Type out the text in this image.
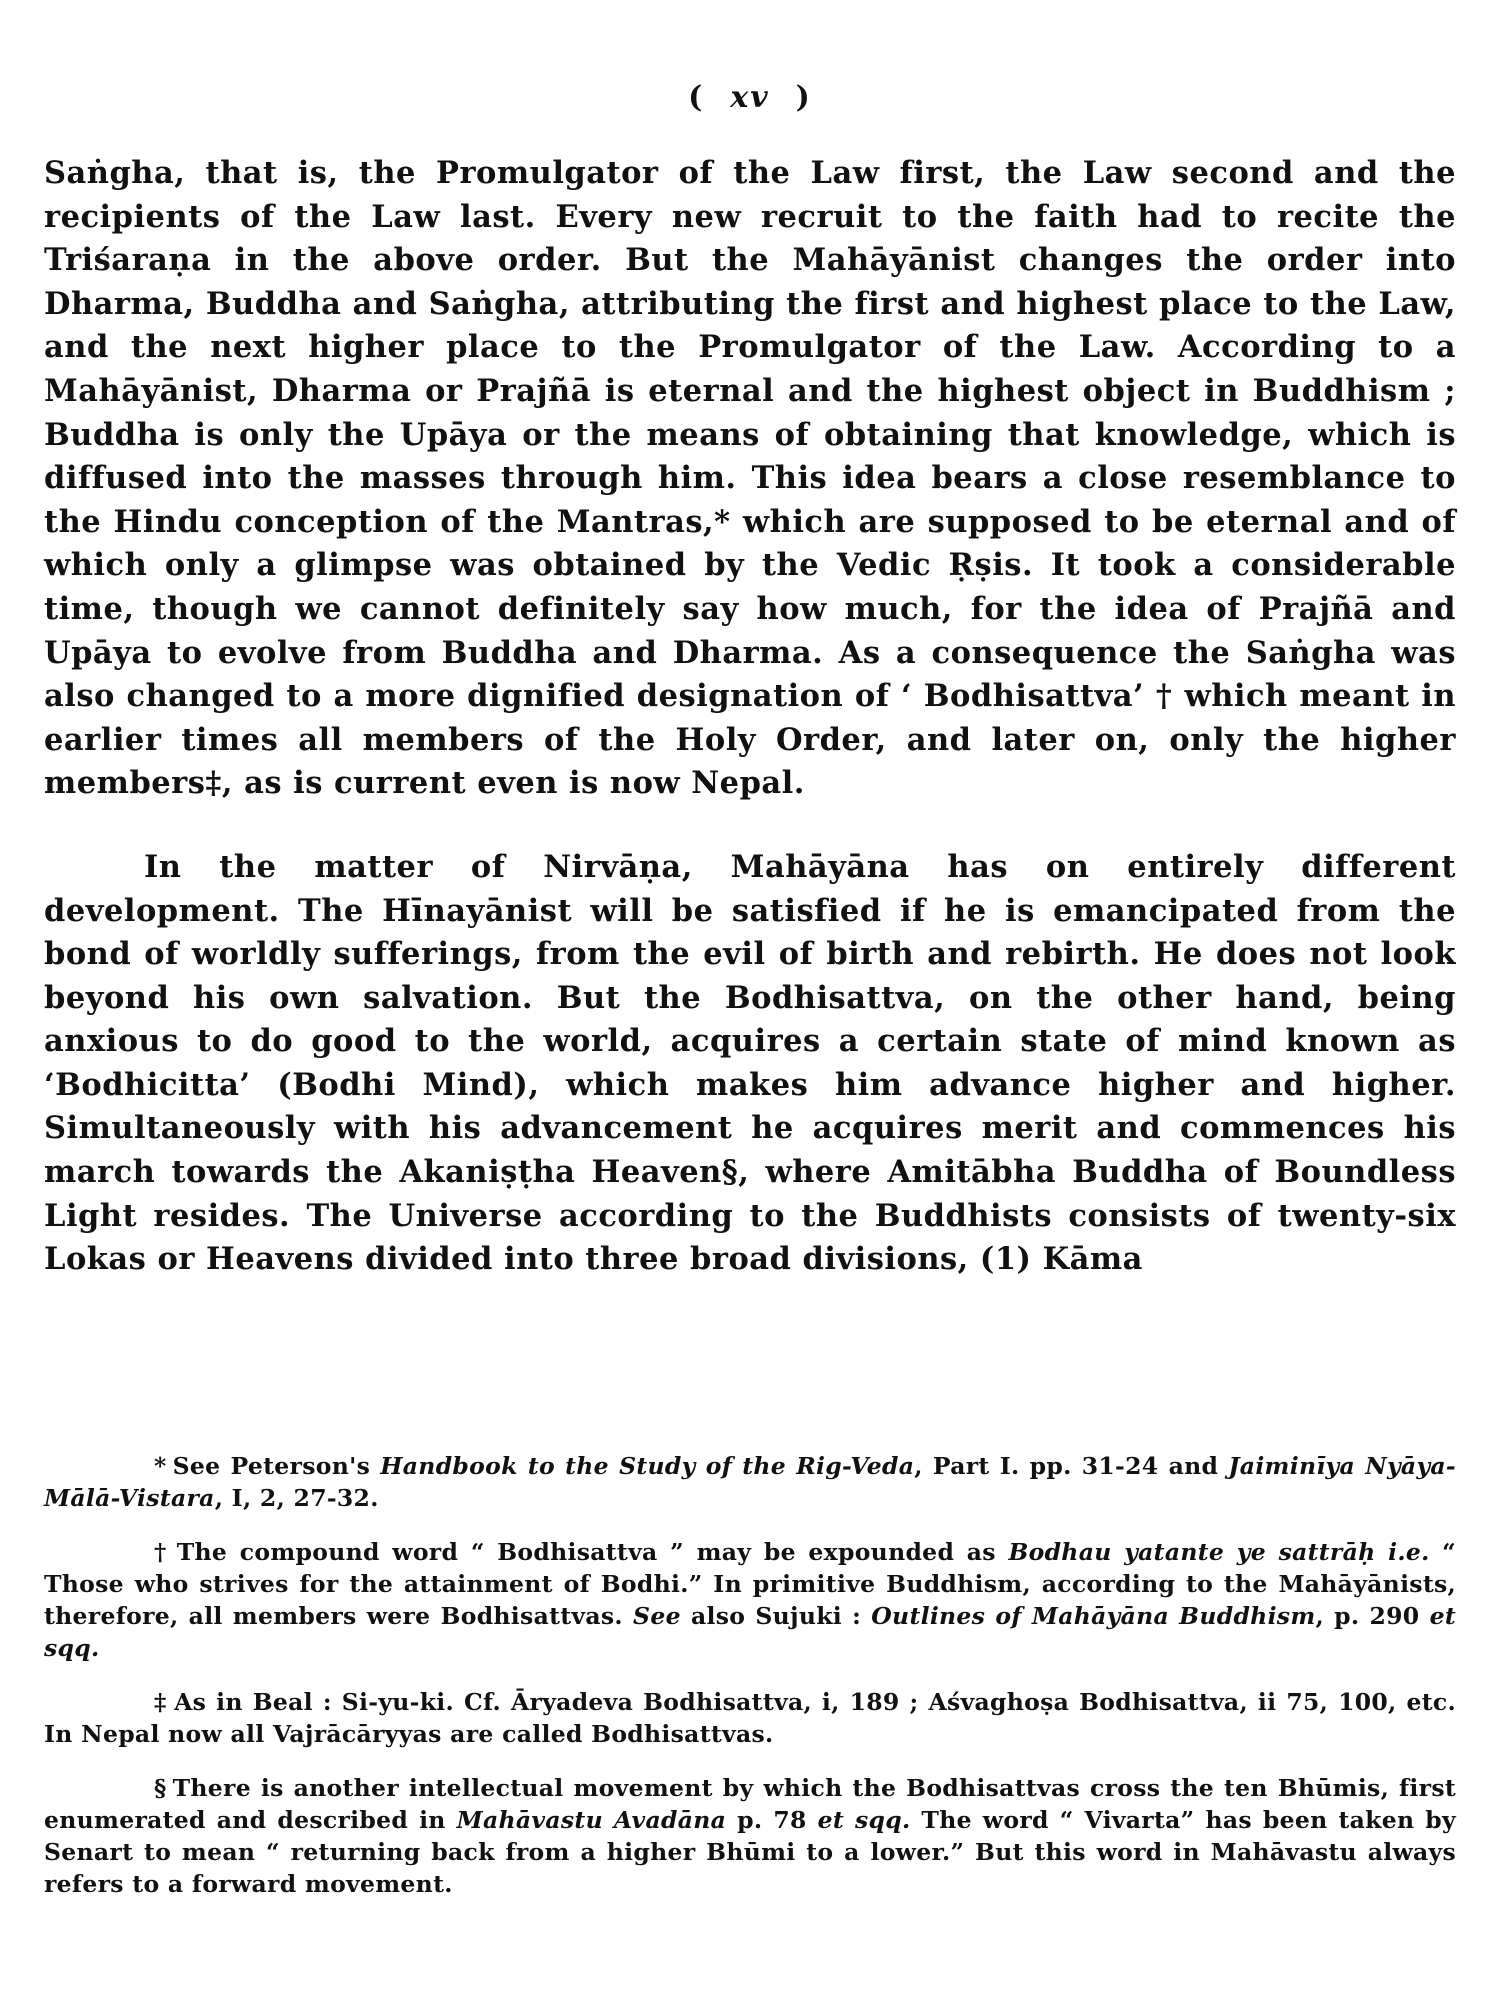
( xv )

Saṅgha, that is, the Promulgator of the Law first, the Law second and the recipients of the Law last. Every new recruit to the faith had to recite the Triśaraṇa in the above order. But the Mahāyānist changes the order into Dharma, Buddha and Saṅgha, attributing the first and highest place to the Law, and the next higher place to the Promulgator of the Law. According to a Mahāyānist, Dharma or Prajñā is eternal and the highest object in Buddhism ; Buddha is only the Upāya or the means of obtaining that knowledge, which is diffused into the masses through him. This idea bears a close resemblance to the Hindu conception of the Mantras,* which are supposed to be eternal and of which only a glimpse was obtained by the Vedic Ṛṣis. It took a considerable time, though we cannot definitely say how much, for the idea of Prajñā and Upāya to evolve from Buddha and Dharma. As a consequence the Saṅgha was also changed to a more dignified designation of ‘ Bodhisattva’ † which meant in earlier times all members of the Holy Order, and later on, only the higher members‡, as is current even is now Nepal.

In the matter of Nirvāṇa, Mahāyāna has on entirely different development. The Hīnayānist will be satisfied if he is emancipated from the bond of worldly sufferings, from the evil of birth and rebirth. He does not look beyond his own salvation. But the Bodhisattva, on the other hand, being anxious to do good to the world, acquires a certain state of mind known as ‘Bodhicitta’ (Bodhi Mind), which makes him advance higher and higher. Simultaneously with his advancement he acquires merit and commences his march towards the Akaniṣṭha Heaven§, where Amitābha Buddha of Boundless Light resides. The Universe according to the Buddhists consists of twenty-six Lokas or Heavens divided into three broad divisions, (1) Kāma

* See Peterson's Handbook to the Study of the Rig-Veda, Part I. pp. 31-24 and Jaiminīya Nyāya-Mālā-Vistara, I, 2, 27-32.

† The compound word “ Bodhisattva ” may be expounded as Bodhau yatante ye sattrāḥ i.e. “ Those who strives for the attainment of Bodhi.” In primitive Buddhism, according to the Mahāyānists, therefore, all members were Bodhisattvas. See also Sujuki : Outlines of Mahāyāna Buddhism, p. 290 et sqq.

‡ As in Beal : Si-yu-ki. Cf. Āryadeva Bodhisattva, i, 189 ; Aśvaghoṣa Bodhisattva, ii 75, 100, etc. In Nepal now all Vajrācāryyas are called Bodhisattvas.

§ There is another intellectual movement by which the Bodhisattvas cross the ten Bhūmis, first enumerated and described in Mahāvastu Avadāna p. 78 et sqq. The word “ Vivarta” has been taken by Senart to mean “ returning back from a higher Bhūmi to a lower.” But this word in Mahāvastu always refers to a forward movement.
